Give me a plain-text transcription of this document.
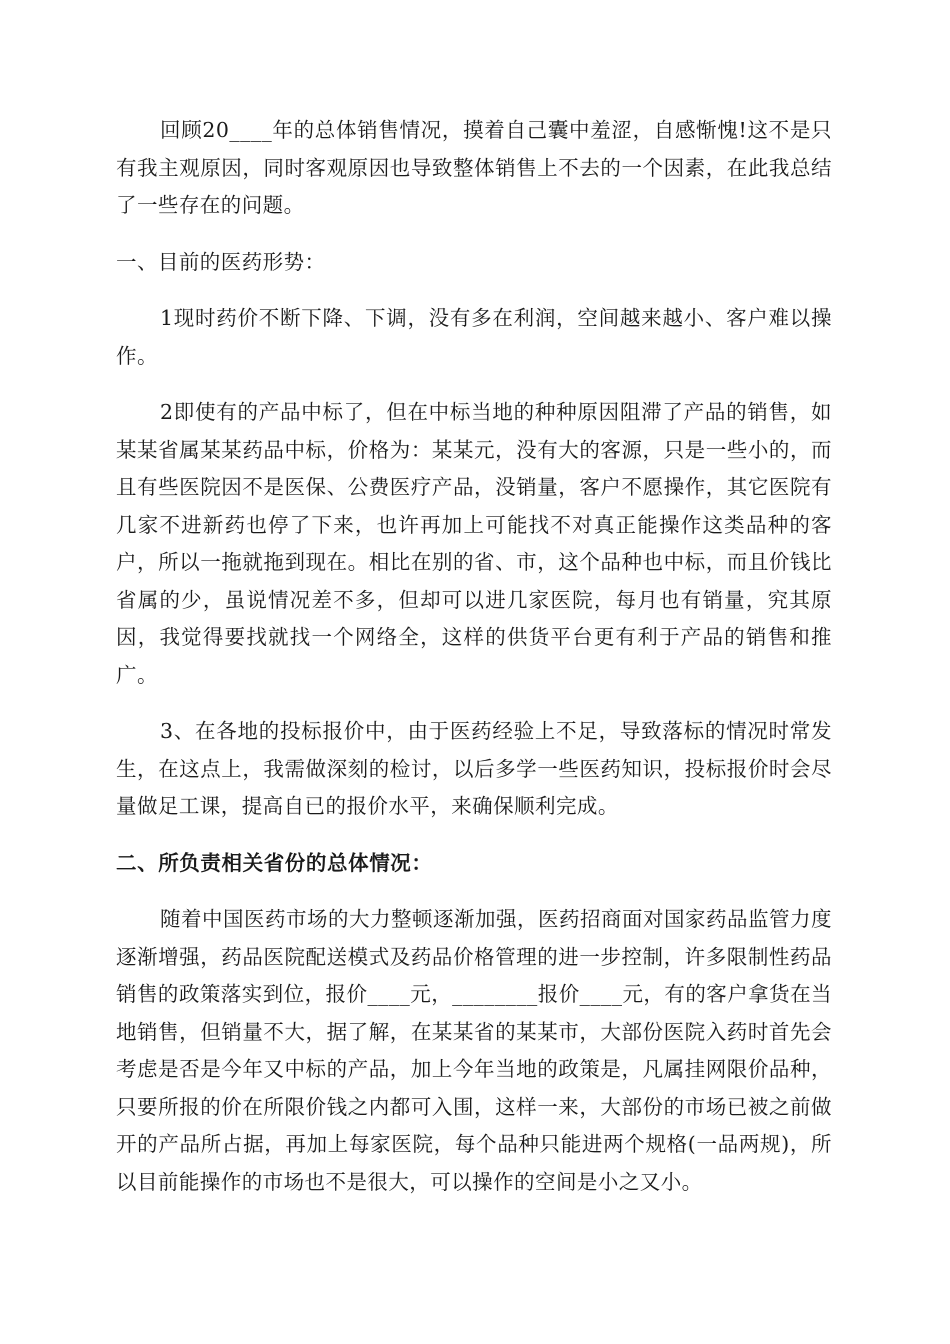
回顾20____年的总体销售情况，摸着自己囊中羞涩，自感惭愧!这不是只有我主观原因，同时客观原因也导致整体销售上不去的一个因素，在此我总结了一些存在的问题。

一、目前的医药形势：

1现时药价不断下降、下调，没有多在利润，空间越来越小、客户难以操作。

2即使有的产品中标了，但在中标当地的种种原因阻滞了产品的销售，如某某省属某某药品中标，价格为：某某元，没有大的客源，只是一些小的，而且有些医院因不是医保、公费医疗产品，没销量，客户不愿操作，其它医院有几家不进新药也停了下来，也许再加上可能找不对真正能操作这类品种的客户，所以一拖就拖到现在。相比在别的省、市，这个品种也中标，而且价钱比省属的少，虽说情况差不多，但却可以进几家医院，每月也有销量，究其原因，我觉得要找就找一个网络全，这样的供货平台更有利于产品的销售和推广。

3、在各地的投标报价中，由于医药经验上不足，导致落标的情况时常发生，在这点上，我需做深刻的检讨，以后多学一些医药知识，投标报价时会尽量做足工课，提高自已的报价水平，来确保顺利完成。

二、所负责相关省份的总体情况：

随着中国医药市场的大力整顿逐渐加强，医药招商面对国家药品监管力度逐渐增强，药品医院配送模式及药品价格管理的进一步控制，许多限制性药品销售的政策落实到位，报价____元，________报价____元，有的客户拿货在当地销售，但销量不大，据了解，在某某省的某某市，大部份医院入药时首先会考虑是否是今年又中标的产品，加上今年当地的政策是，凡属挂网限价品种，只要所报的价在所限价钱之内都可入围，这样一来，大部份的市场已被之前做开的产品所占据，再加上每家医院，每个品种只能进两个规格(一品两规)，所以目前能操作的市场也不是很大，可以操作的空间是小之又小。
